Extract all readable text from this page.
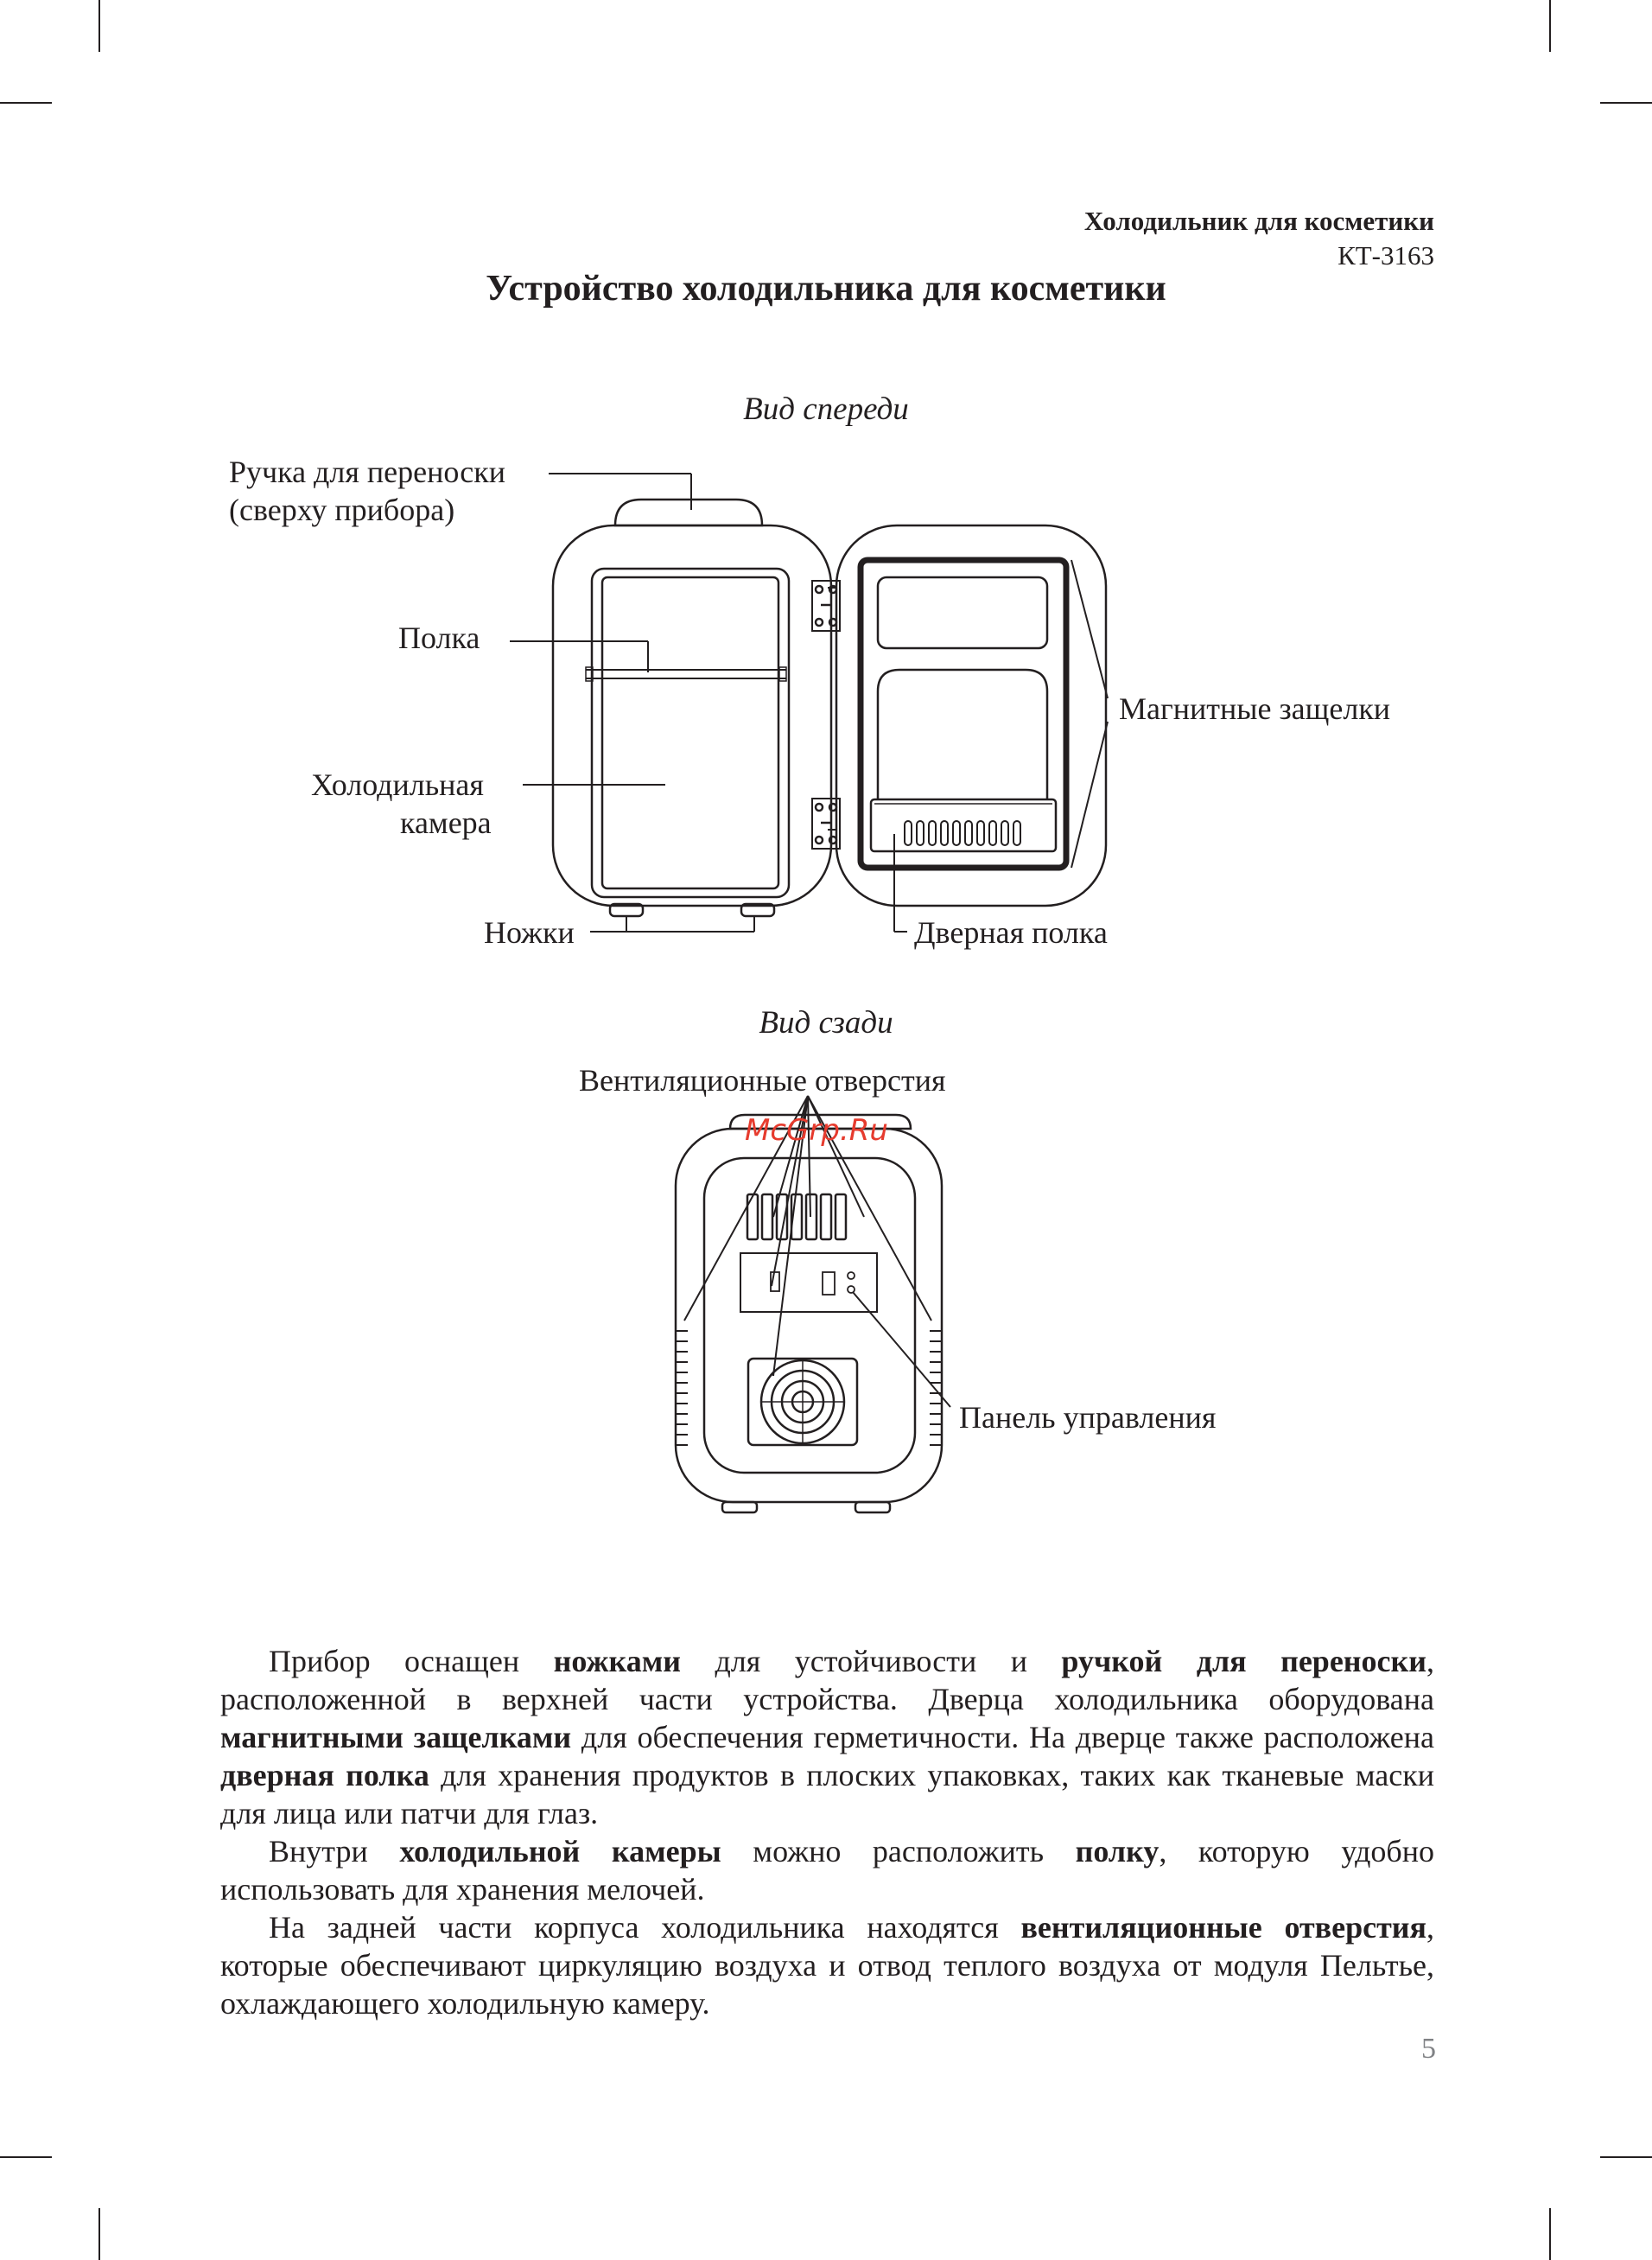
Холодильник для косметики
КТ-3163
Устройство холодильника для косметики
Вид спереди
Ручка для переноски
(сверху прибора)
Полка
Холодильная
камера
Ножки
Магнитные защелки
Дверная полка
Вид сзади
Вентиляционные отверстия
Панель управления
McGrp.Ru

Прибор оснащен ножками для устойчивости и ручкой для переноски, расположенной в верхней части устройства. Дверца холодильника оборудована магнитными защелками для обеспечения герметичности. На дверце также расположена дверная полка для хранения продуктов в плоских упаковках, таких как тканевые маски для лица или патчи для глаз.

Внутри холодильной камеры можно расположить полку, которую удобно использовать для хранения мелочей.

На задней части корпуса холодильника находятся вентиляционные отверстия, которые обеспечивают циркуляцию воздуха и отвод теплого воздуха от модуля Пельтье, охлаждающего холодильную камеру.

5
